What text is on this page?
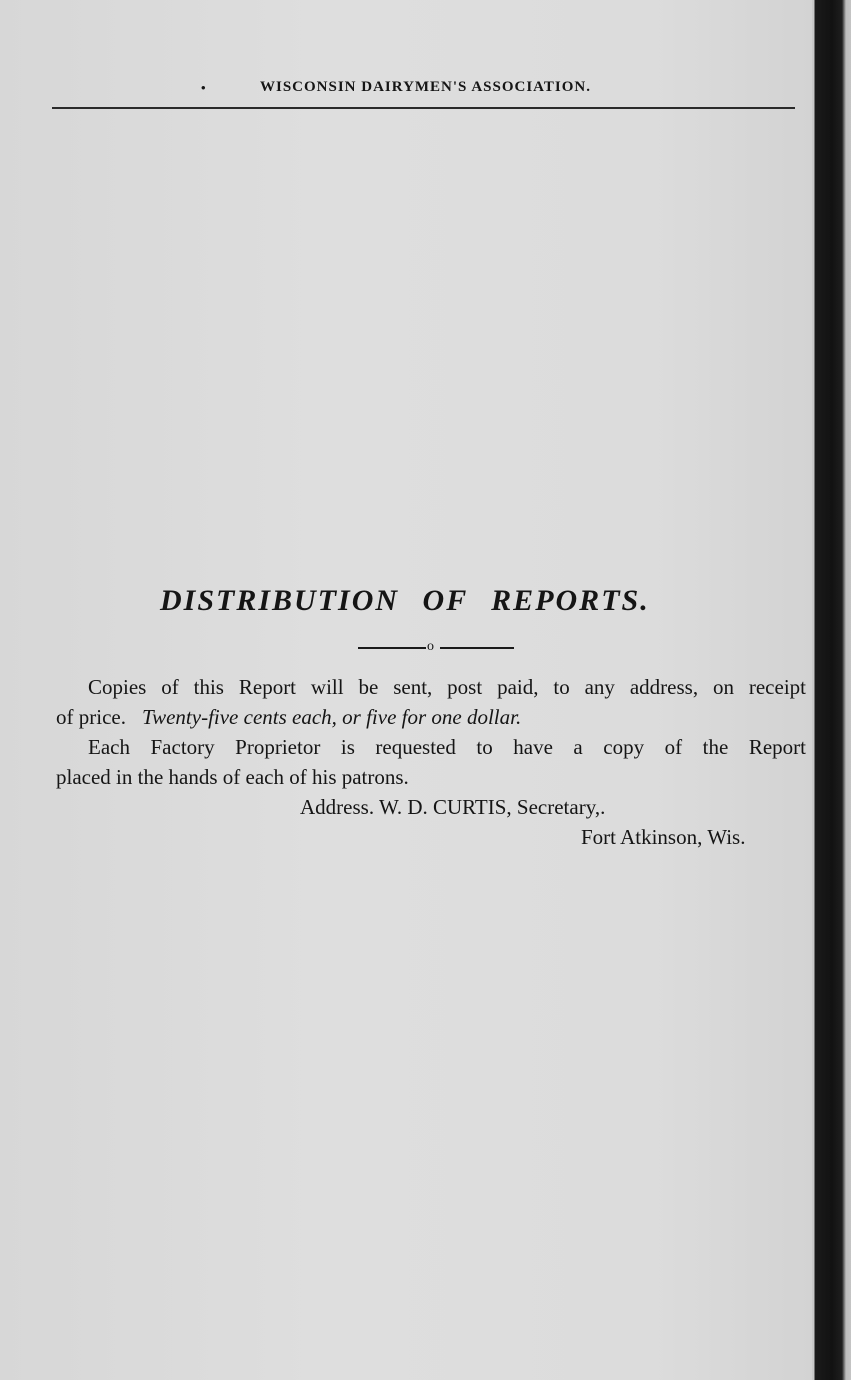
•	WISCONSIN DAIRYMEN'S ASSOCIATION.
DISTRIBUTION OF REPORTS.
o
Copies of this Report will be sent, post paid, to any address, on receipt
of price. Twenty-five cents each, or five for one dollar.
Each Factory Proprietor is requested to have a copy of the Report
placed in the hands of each of his patrons.
Address. W. D. CURTIS, Secretary,.
Fort Atkinson, Wis.
